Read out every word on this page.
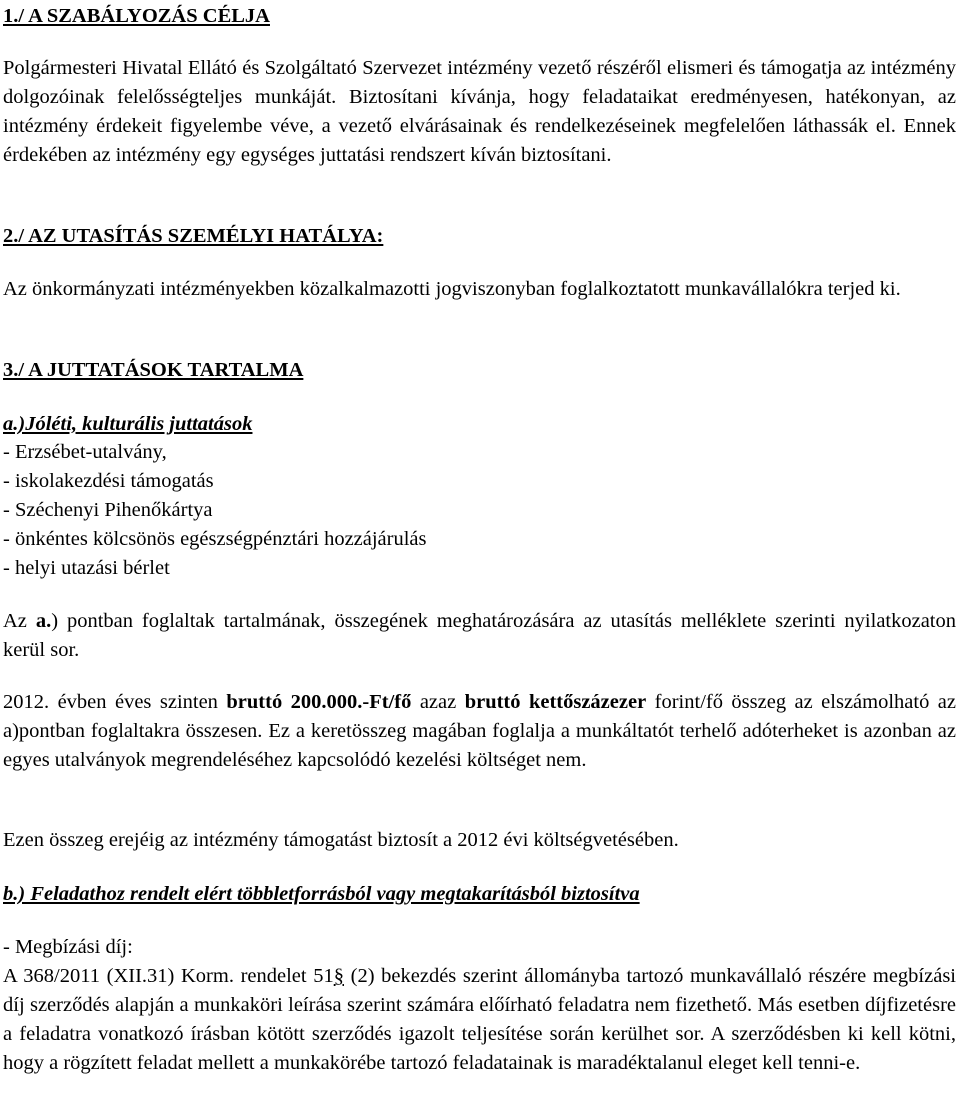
1./ A SZABÁLYOZÁS CÉLJA

Polgármesteri Hivatal Ellátó és Szolgáltató Szervezet intézmény vezető részéről elismeri és támogatja az intézmény dolgozóinak felelősségteljes munkáját. Biztosítani kívánja, hogy feladataikat eredményesen, hatékonyan, az intézmény érdekeit figyelembe véve, a vezető elvárásainak és rendelkezéseinek megfelelően láthassák el. Ennek érdekében az intézmény egy egységes juttatási rendszert kíván biztosítani.

2./ AZ UTASÍTÁS SZEMÉLYI HATÁLYA:

Az önkormányzati intézményekben közalkalmazotti jogviszonyban foglalkoztatott munkavállalókra terjed ki.

3./ A JUTTATÁSOK TARTALMA
a.)Jóléti, kulturális juttatások
- Erzsébet-utalvány,
- iskolakezdési támogatás
- Széchenyi Pihenőkártya
- önkéntes kölcsönös egészségpénztári hozzájárulás
- helyi utazási bérlet

Az a.) pontban foglaltak tartalmának, összegének meghatározására az utasítás melléklete szerinti nyilatkozaton kerül sor.

2012. évben éves szinten bruttó 200.000.-Ft/fő azaz bruttó kettőszázezer forint/fő összeg az elszámolható az a)pontban foglaltakra összesen. Ez a keretösszeg magában foglalja a munkáltatót terhelő adóterheket is azonban az egyes utalványok megrendeléséhez kapcsolódó kezelési költséget nem.

Ezen összeg erejéig az intézmény támogatást biztosít a 2012 évi költségvetésében.

b.) Feladathoz rendelt elért többletforrásból vagy megtakarításból biztosítva
- Megbízási díj:

A 368/2011 (XII.31) Korm. rendelet 51§ (2) bekezdés szerint állományba tartozó munkavállaló részére megbízási díj szerződés alapján a munkaköri leírása szerint számára előírható feladatra nem fizethető. Más esetben díjfizetésre a feladatra vonatkozó írásban kötött szerződés igazolt teljesítése során kerülhet sor. A szerződésben ki kell kötni, hogy a rögzített feladat mellett a munkakörébe tartozó feladatainak is maradéktalanul eleget kell tenni-e.
